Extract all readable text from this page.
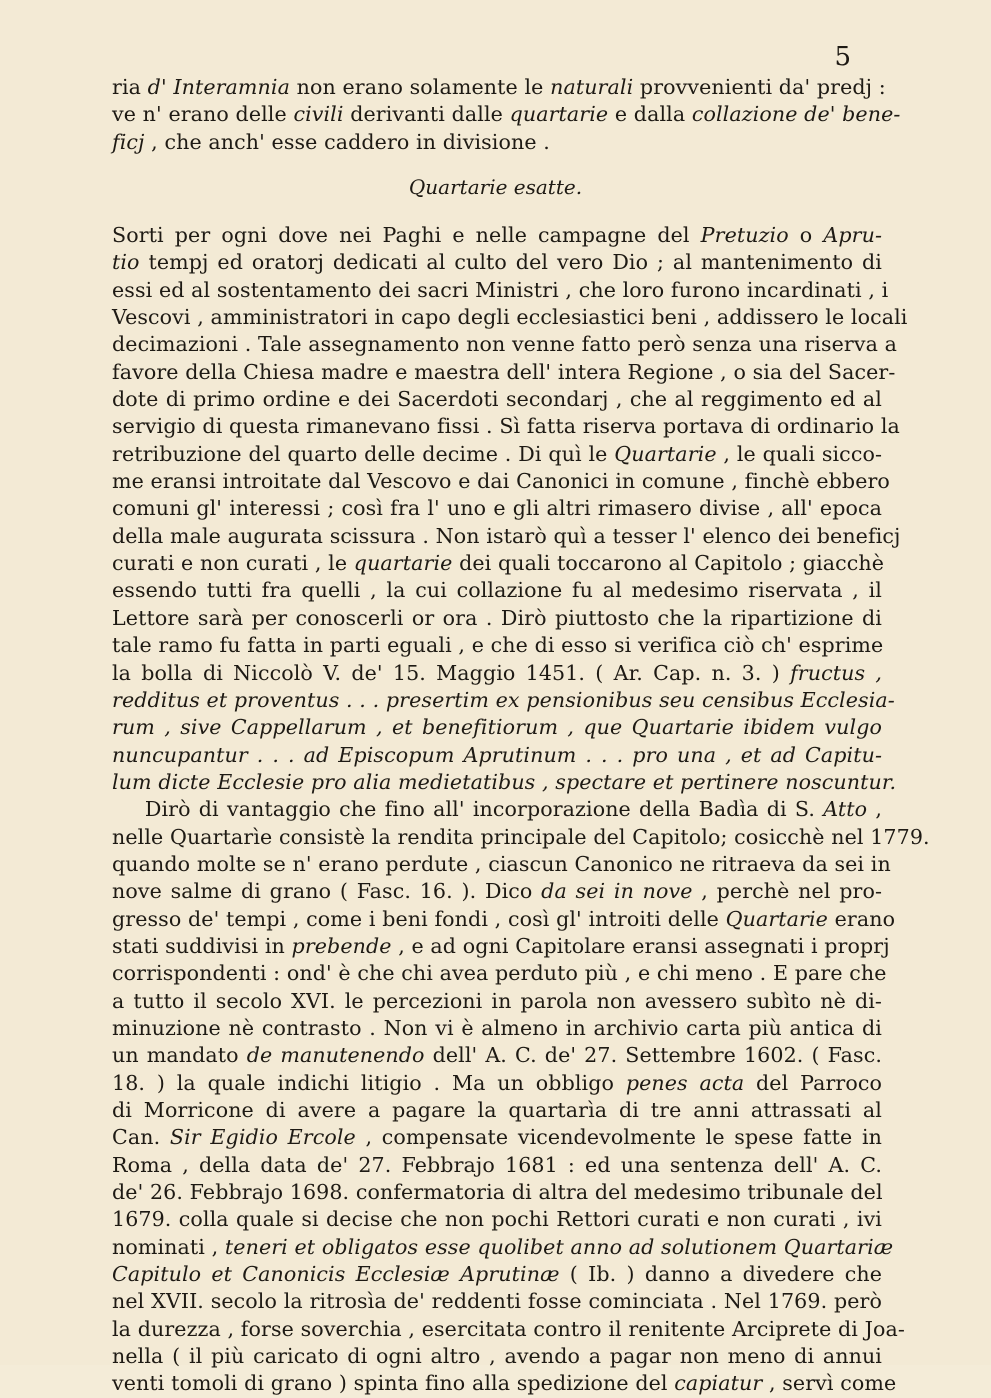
5
ria d' Interamnia non erano solamente le naturali provvenienti da' predj :
ve n' erano delle civili derivanti dalle quartarie e dalla collazione de' bene-
ficj , che anch' esse caddero in divisione .
Quartarie esatte.
Sorti per ogni dove nei Paghi e nelle campagne del Pretuzio o Apru-
tio tempj ed oratorj dedicati al culto del vero Dio ; al mantenimento di
essi ed al sostentamento dei sacri Ministri , che loro furono incardinati , i
Vescovi , amministratori in capo degli ecclesiastici beni , addissero le locali
decimazioni . Tale assegnamento non venne fatto però senza una riserva a
favore della Chiesa madre e maestra dell' intera Regione , o sia del Sacer-
dote di primo ordine e dei Sacerdoti secondarj , che al reggimento ed al
servigio di questa rimanevano fissi . Sì fatta riserva portava di ordinario la
retribuzione del quarto delle decime . Di quì le Quartarie , le quali sicco-
me eransi introitate dal Vescovo e dai Canonici in comune , finchè ebbero
comuni gl' interessi ; così fra l' uno e gli altri rimasero divise , all' epoca
della male augurata scissura . Non istarò quì a tesser l' elenco dei beneficj
curati e non curati , le quartarie dei quali toccarono al Capitolo ; giacchè
essendo tutti fra quelli , la cui collazione fu al medesimo riservata , il
Lettore sarà per conoscerli or ora . Dirò piuttosto che la ripartizione di
tale ramo fu fatta in parti eguali , e che di esso si verifica ciò ch' esprime
la bolla di Niccolò V. de' 15. Maggio 1451. ( Ar. Cap. n. 3. ) fructus ,
redditus et proventus . . . presertim ex pensionibus seu censibus Ecclesia-
rum , sive Cappellarum , et benefitiorum , que Quartarie ibidem vulgo
nuncupantur . . . ad Episcopum Aprutinum . . . pro una , et ad Capitu-
lum dicte Ecclesie pro alia medietatibus , spectare et pertinere noscuntur.
Dirò di vantaggio che fino all' incorporazione della Badìa di S. Atto ,
nelle Quartarìe consistè la rendita principale del Capitolo; cosicchè nel 1779.
quando molte se n' erano perdute , ciascun Canonico ne ritraeva da sei in
nove salme di grano ( Fasc. 16. ). Dico da sei in nove , perchè nel pro-
gresso de' tempi , come i beni fondi , così gl' introiti delle Quartarie erano
stati suddivisi in prebende , e ad ogni Capitolare eransi assegnati i proprj
corrispondenti : ond' è che chi avea perduto più , e chi meno . E pare che
a tutto il secolo XVI. le percezioni in parola non avessero subìto nè di-
minuzione nè contrasto . Non vi è almeno in archivio carta più antica di
un mandato de manutenendo dell' A. C. de' 27. Settembre 1602. ( Fasc.
18. ) la quale indichi litigio . Ma un obbligo penes acta del Parroco
di Morricone di avere a pagare la quartarìa di tre anni attrassati al
Can. Sir Egidio Ercole , compensate vicendevolmente le spese fatte in
Roma , della data de' 27. Febbrajo 1681 : ed una sentenza dell' A. C.
de' 26. Febbrajo 1698. confermatoria di altra del medesimo tribunale del
1679. colla quale si decise che non pochi Rettori curati e non curati , ivi
nominati , teneri et obligatos esse quolibet anno ad solutionem Quartariæ
Capitulo et Canonicis Ecclesiæ Aprutinæ ( Ib. ) danno a divedere che
nel XVII. secolo la ritrosìa de' reddenti fosse cominciata . Nel 1769. però
la durezza , forse soverchia , esercitata contro il renitente Arciprete di Joa-
nella ( il più caricato di ogni altro , avendo a pagar non meno di annui
venti tomoli di grano ) spinta fino alla spedizione del capiatur , servì come
